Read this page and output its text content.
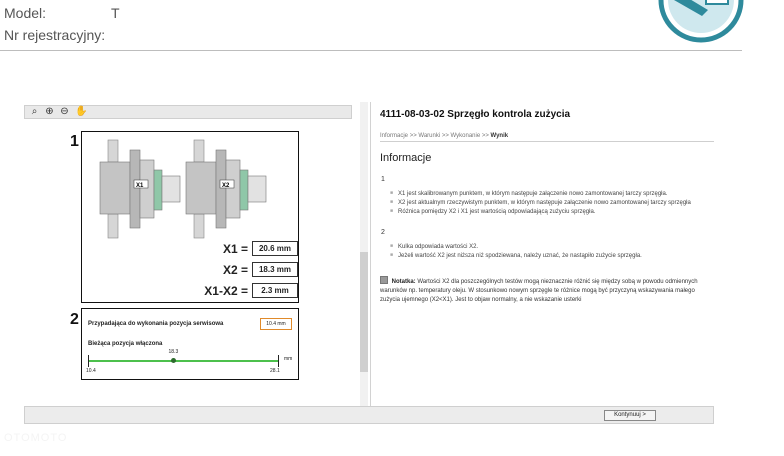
Model:	T
Nr rejestracyjny:
⌕ ⊕ ⊖ ✋
1
X1	X2
X1 =	20.6 mm
X2 =	18.3 mm
X1-X2 =	2.3 mm
2 Przypadająca do wykonania pozycja serwisowa	10.4 mm
Bieżąca pozycja włączona
18.3
10.4	28.1
mm
4111-08-03-02 Sprzęgło kontrola zużycia
Informacje >> Warunki >> Wykonanie >> Wynik
Informacje
1
■ X1 jest skalibrowanym punktem, w którym następuje załączenie nowo zamontowanej tarczy sprzęgła.
■ X2 jest aktualnym rzeczywistym punktem, w którym następuje załączenie nowo zamontowanej tarczy sprzęgła
■ Różnica pomiędzy X2 i X1 jest wartością odpowiadającą zużyciu sprzęgła.
2
■ Kulka odpowiada wartości X2.
■ Jeżeli wartość X2 jest niższa niż spodziewana, należy uznać, że nastąpiło zużycie sprzęgła.
Notatka: Wartości X2 dla poszczególnych testów mogą nieznacznie różnić się między sobą w powodu odmiennych warunków np. temperatury oleju. W stosunkowo nowym sprzęgle te różnice mogą być przyczyną wskazywania małego zużycia ujemnego (X2<X1). Jest to objaw normalny, a nie wskazanie usterki
Kontynuuj >
OTOMOTO
